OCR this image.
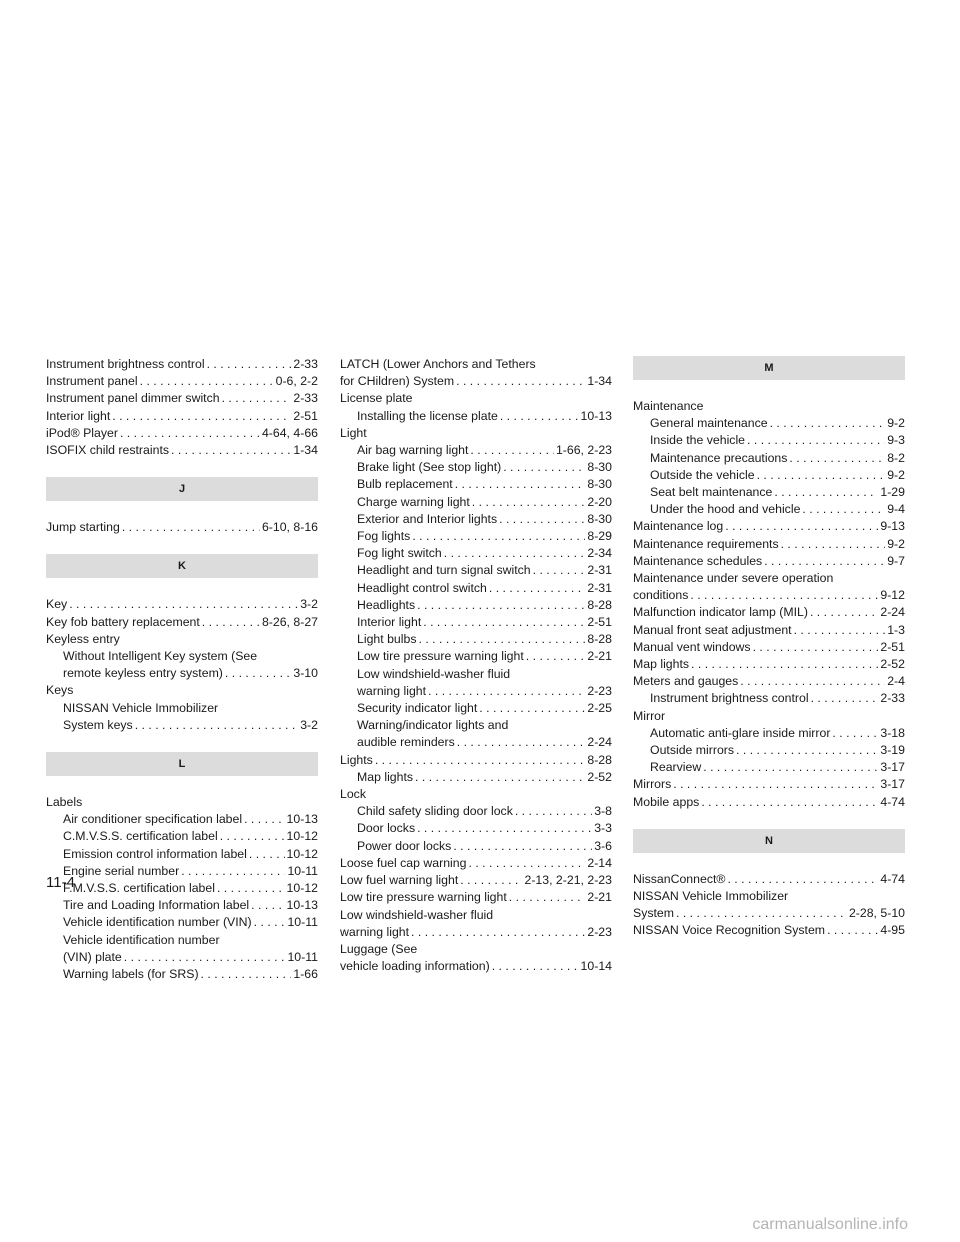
Instrument brightness control . . .	2-33
Instrument panel . . .	0-6, 2-2
Instrument panel dimmer switch . . .	2-33
Interior light . . .	2-51
iPod® Player . . .	4-64, 4-66
ISOFIX child restraints . . .	1-34
J
Jump starting . . .	6-10, 8-16
K
Key . . .	3-2
Key fob battery replacement . . .	8-26, 8-27
Keyless entry
Without Intelligent Key system (See
remote keyless entry system) . . .	3-10
Keys
NISSAN Vehicle Immobilizer
System keys . . .	3-2
L
Labels
Air conditioner specification label . . .	10-13
C.M.V.S.S. certification label . . .	10-12
Emission control information label . . .	10-12
Engine serial number . . .	10-11
F.M.V.S.S. certification label . . .	10-12
Tire and Loading Information label . . .	10-13
Vehicle identification number (VIN) . . .	10-11
Vehicle identification number
(VIN) plate . . .	10-11
Warning labels (for SRS) . . .	1-66
LATCH (Lower Anchors and Tethers
for CHildren) System . . .	1-34
License plate
Installing the license plate . . .	10-13
Light
Air bag warning light . . .	1-66, 2-23
Brake light (See stop light) . . .	8-30
Bulb replacement . . .	8-30
Charge warning light . . .	2-20
Exterior and Interior lights . . .	8-30
Fog lights . . .	8-29
Fog light switch . . .	2-34
Headlight and turn signal switch . . .	2-31
Headlight control switch . . .	2-31
Headlights . . .	8-28
Interior light . . .	2-51
Light bulbs . . .	8-28
Low tire pressure warning light . . .	2-21
Low windshield-washer fluid
warning light . . .	2-23
Security indicator light . . .	2-25
Warning/indicator lights and
audible reminders . . .	2-24
Lights . . .	8-28
Map lights . . .	2-52
Lock
Child safety sliding door lock . . .	3-8
Door locks . . .	3-3
Power door locks . . .	3-6
Loose fuel cap warning . . .	2-14
Low fuel warning light . . .	2-13, 2-21, 2-23
Low tire pressure warning light . . .	2-21
Low windshield-washer fluid
warning light . . .	2-23
Luggage (See
vehicle loading information) . . .	10-14
M
Maintenance
General maintenance . . .	9-2
Inside the vehicle . . .	9-3
Maintenance precautions . . .	8-2
Outside the vehicle . . .	9-2
Seat belt maintenance . . .	1-29
Under the hood and vehicle . . .	9-4
Maintenance log . . .	9-13
Maintenance requirements . . .	9-2
Maintenance schedules . . .	9-7
Maintenance under severe operation
conditions . . .	9-12
Malfunction indicator lamp (MIL) . . .	2-24
Manual front seat adjustment . . .	1-3
Manual vent windows . . .	2-51
Map lights . . .	2-52
Meters and gauges . . .	2-4
Instrument brightness control . . .	2-33
Mirror
Automatic anti-glare inside mirror . . .	3-18
Outside mirrors . . .	3-19
Rearview . . .	3-17
Mirrors . . .	3-17
Mobile apps . . .	4-74
N
NissanConnect® . . .	4-74
NISSAN Vehicle Immobilizer
System . . .	2-28, 5-10
NISSAN Voice Recognition System . . .	4-95
11-4
carmanualsonline.info
